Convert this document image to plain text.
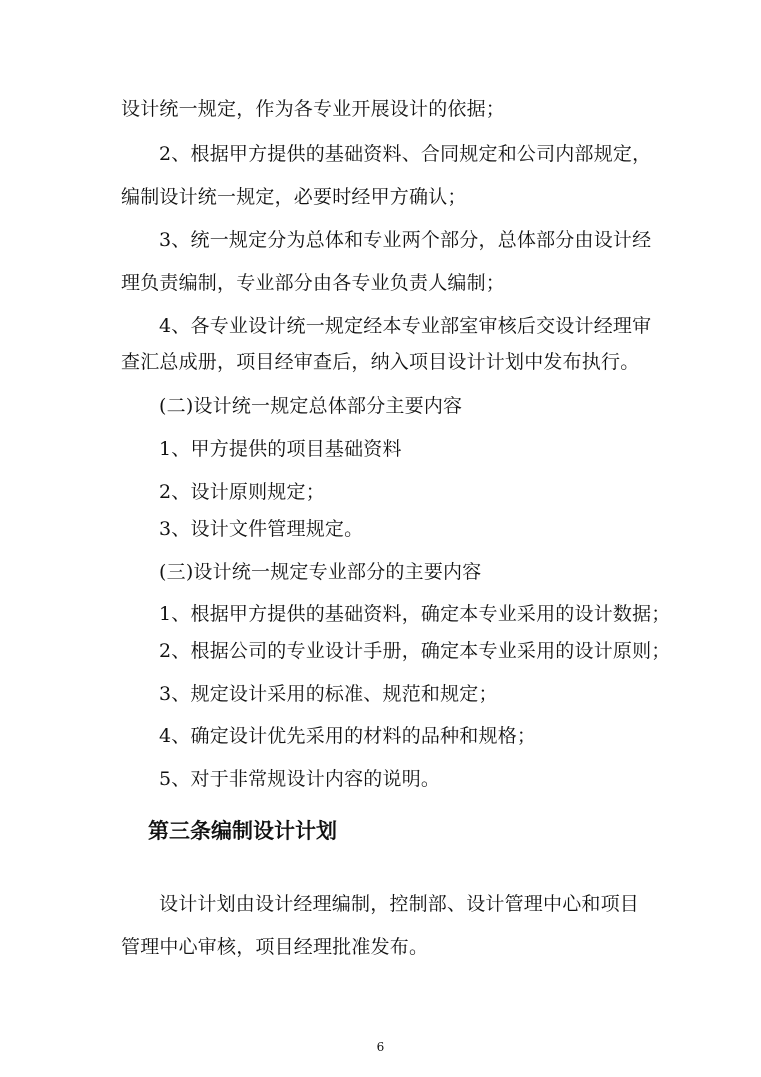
设计统一规定，作为各专业开展设计的依据；
2、根据甲方提供的基础资料、合同规定和公司内部规定，
编制设计统一规定，必要时经甲方确认；
3、统一规定分为总体和专业两个部分，总体部分由设计经
理负责编制，专业部分由各专业负责人编制；
4、各专业设计统一规定经本专业部室审核后交设计经理审
查汇总成册，项目经审查后，纳入项目设计计划中发布执行。
(二)设计统一规定总体部分主要内容
1、甲方提供的项目基础资料
2、设计原则规定；
3、设计文件管理规定。
(三)设计统一规定专业部分的主要内容
1、根据甲方提供的基础资料，确定本专业采用的设计数据；
2、根据公司的专业设计手册，确定本专业采用的设计原则；
3、规定设计采用的标准、规范和规定；
4、确定设计优先采用的材料的品种和规格；
5、对于非常规设计内容的说明。
第三条编制设计计划
设计计划由设计经理编制，控制部、设计管理中心和项目
管理中心审核，项目经理批准发布。
6
